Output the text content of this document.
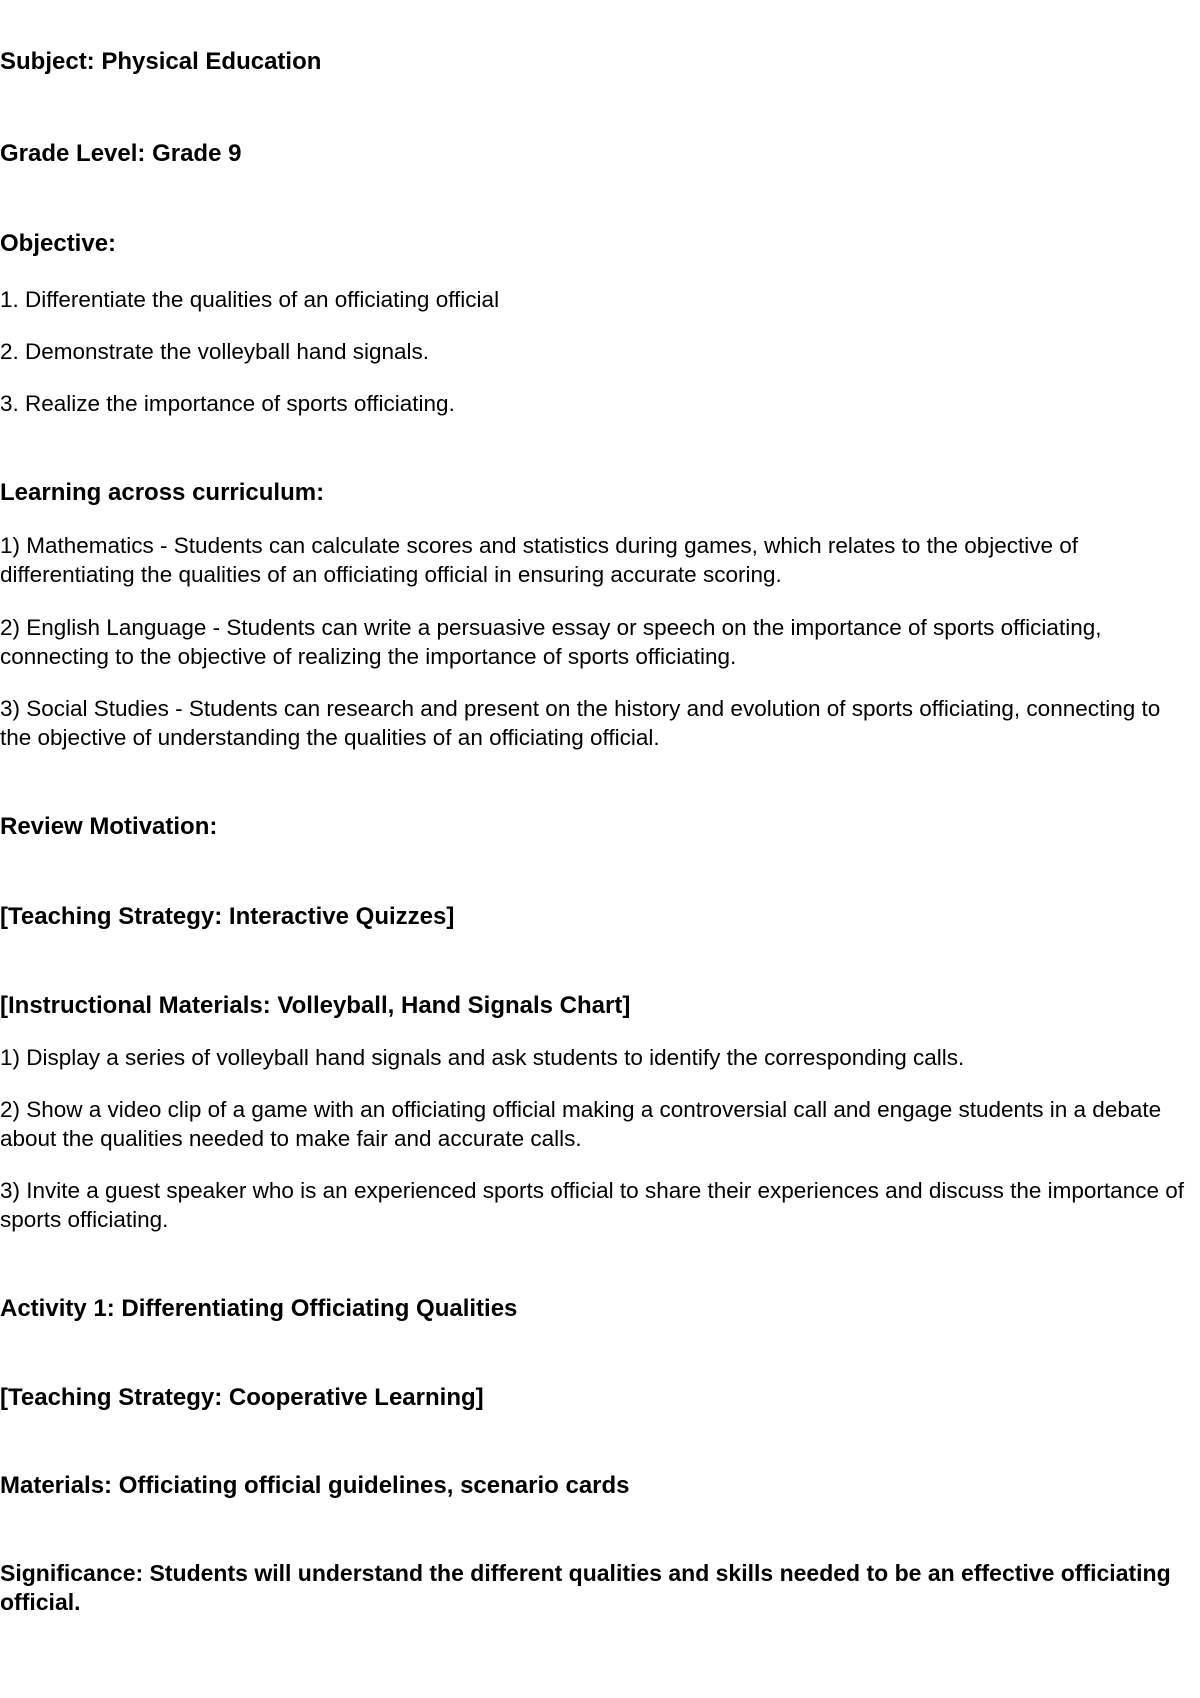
Subject: Physical Education
Grade Level: Grade 9
Objective:
1. Differentiate the qualities of an officiating official
2. Demonstrate the volleyball hand signals.
3. Realize the importance of sports officiating.
Learning across curriculum:
1) Mathematics - Students can calculate scores and statistics during games, which relates to the objective of differentiating the qualities of an officiating official in ensuring accurate scoring.
2) English Language - Students can write a persuasive essay or speech on the importance of sports officiating, connecting to the objective of realizing the importance of sports officiating.
3) Social Studies - Students can research and present on the history and evolution of sports officiating, connecting to the objective of understanding the qualities of an officiating official.
Review Motivation:
[Teaching Strategy: Interactive Quizzes]
[Instructional Materials: Volleyball, Hand Signals Chart]
1) Display a series of volleyball hand signals and ask students to identify the corresponding calls.
2) Show a video clip of a game with an officiating official making a controversial call and engage students in a debate about the qualities needed to make fair and accurate calls.
3) Invite a guest speaker who is an experienced sports official to share their experiences and discuss the importance of sports officiating.
Activity 1: Differentiating Officiating Qualities
[Teaching Strategy: Cooperative Learning]
Materials: Officiating official guidelines, scenario cards
Significance: Students will understand the different qualities and skills needed to be an effective officiating official.
